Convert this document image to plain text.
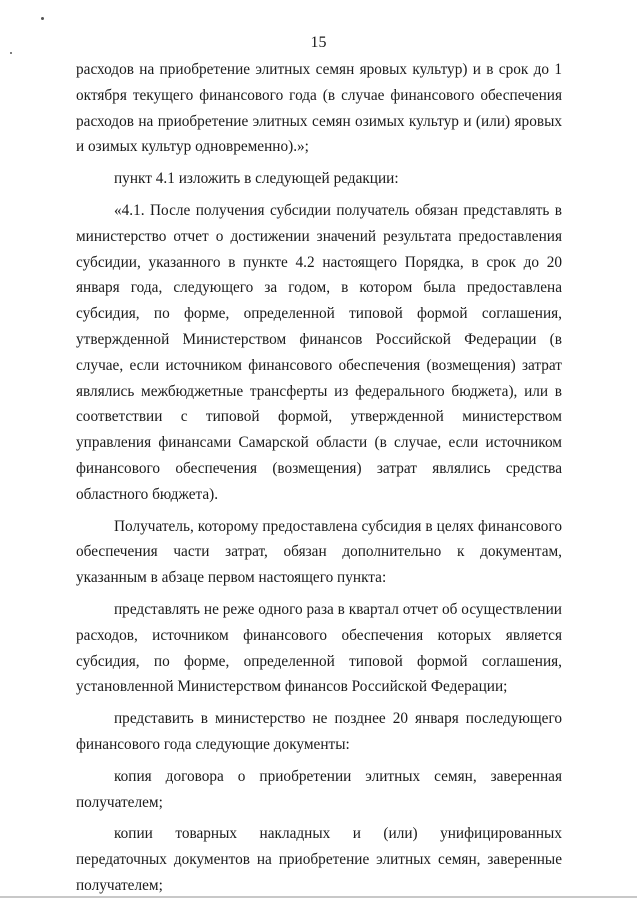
15

расходов на приобретение элитных семян яровых культур) и в срок до 1 октября текущего финансового года (в случае финансового обеспечения расходов на приобретение элитных семян озимых культур и (или) яровых и озимых культур одновременно).»;

пункт 4.1 изложить в следующей редакции:

«4.1. После получения субсидии получатель обязан представлять в министерство отчет о достижении значений результата предоставления субсидии, указанного в пункте 4.2 настоящего Порядка, в срок до 20 января года, следующего за годом, в котором была предоставлена субсидия, по форме, определенной типовой формой соглашения, утвержденной Министерством финансов Российской Федерации (в случае, если источником финансового обеспечения (возмещения) затрат являлись межбюджетные трансферты из федерального бюджета), или в соответствии с типовой формой, утвержденной министерством управления финансами Самарской области (в случае, если источником финансового обеспечения (возмещения) затрат являлись средства областного бюджета).

Получатель, которому предоставлена субсидия в целях финансового обеспечения части затрат, обязан дополнительно к документам, указанным в абзаце первом настоящего пункта:

представлять не реже одного раза в квартал отчет об осуществлении расходов, источником финансового обеспечения которых является субсидия, по форме, определенной типовой формой соглашения, установленной Министерством финансов Российской Федерации;

представить в министерство не позднее 20 января последующего финансового года следующие документы:

копия договора о приобретении элитных семян, заверенная получателем;

копии товарных накладных и (или) унифицированных передаточных документов на приобретение элитных семян, заверенные получателем;
